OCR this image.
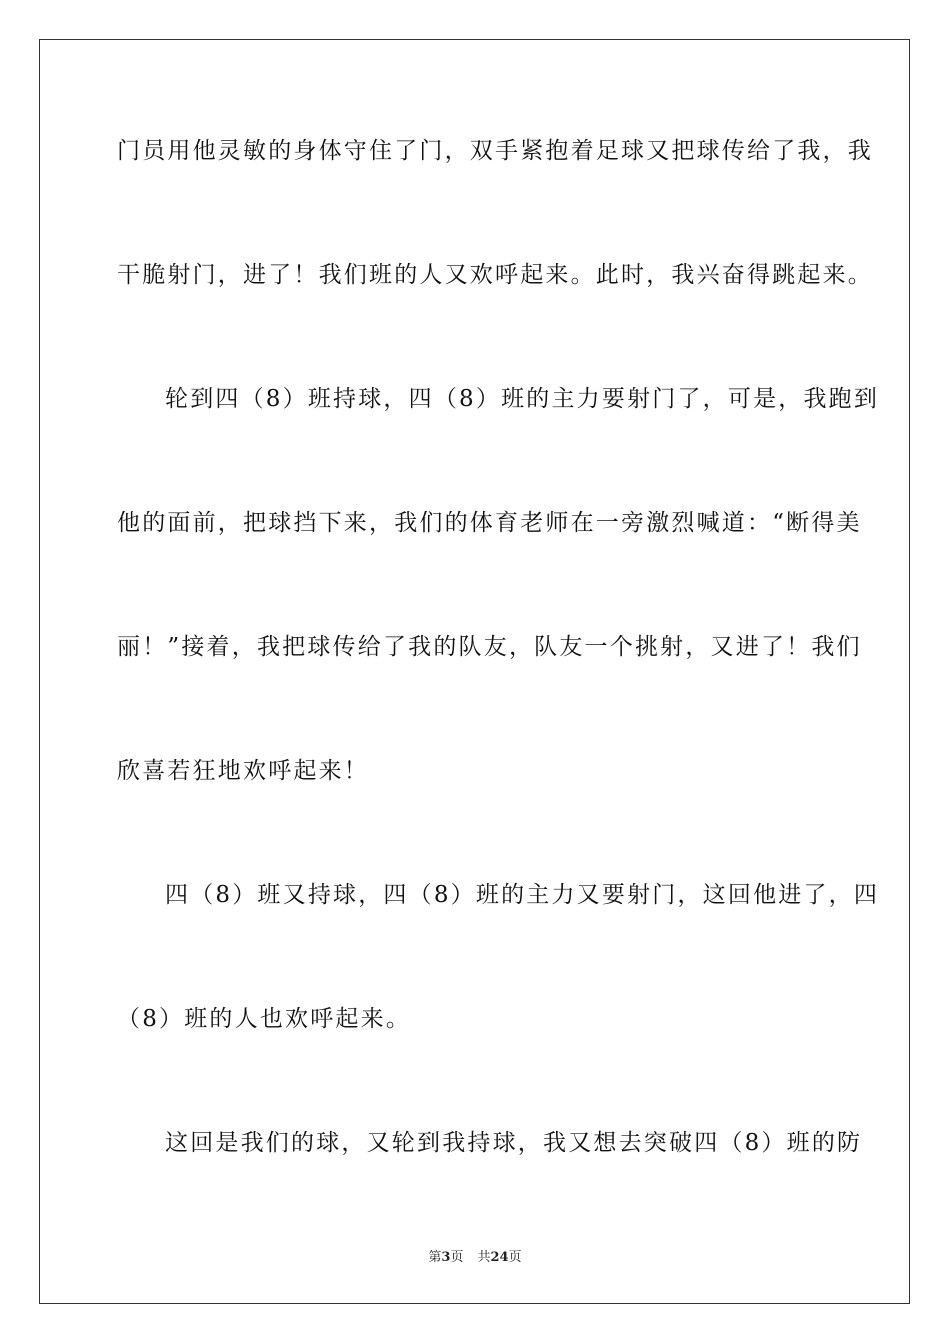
门员用他灵敏的身体守住了门，双手紧抱着足球又把球传给了我，我
干脆射门，进了！我们班的人又欢呼起来。此时，我兴奋得跳起来。
轮到四（8）班持球，四（8）班的主力要射门了，可是，我跑到
他的面前，把球挡下来，我们的体育老师在一旁激烈喊道：“断得美
丽！”接着，我把球传给了我的队友，队友一个挑射，又进了！我们
欣喜若狂地欢呼起来！
四（8）班又持球，四（8）班的主力又要射门，这回他进了，四
（8）班的人也欢呼起来。
这回是我们的球，又轮到我持球，我又想去突破四（8）班的防
第3页 共24页
